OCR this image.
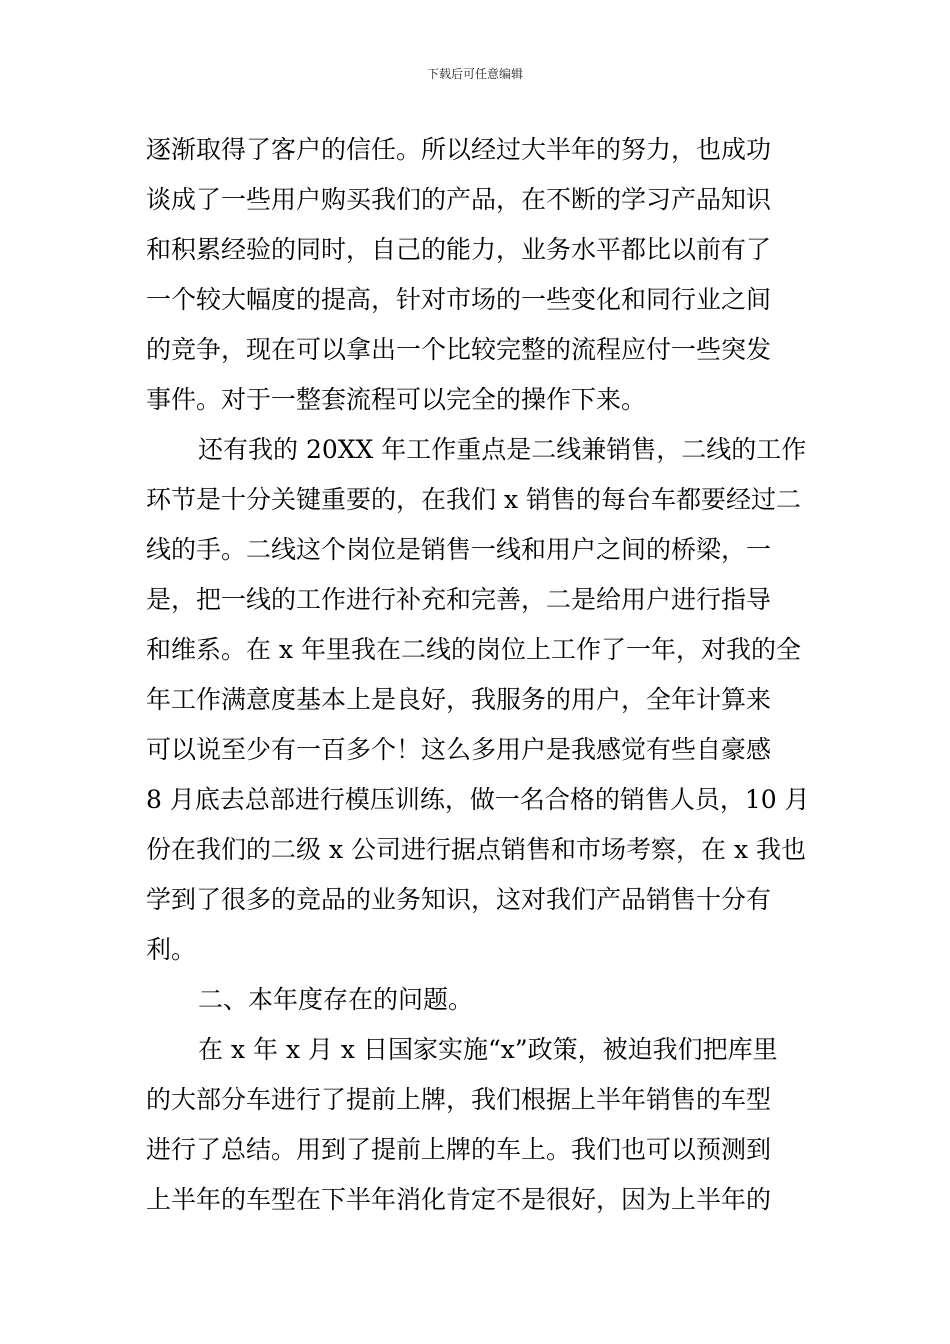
下载后可任意编辑

逐渐取得了客户的信任。所以经过大半年的努力，也成功
谈成了一些用户购买我们的产品，在不断的学习产品知识
和积累经验的同时，自己的能力，业务水平都比以前有了
一个较大幅度的提高，针对市场的一些变化和同行业之间
的竞争，现在可以拿出一个比较完整的流程应付一些突发
事件。对于一整套流程可以完全的操作下来。

还有我的 20XX 年工作重点是二线兼销售，二线的工作
环节是十分关键重要的，在我们 x 销售的每台车都要经过二
线的手。二线这个岗位是销售一线和用户之间的桥梁，一
是，把一线的工作进行补充和完善，二是给用户进行指导
和维系。在 x 年里我在二线的岗位上工作了一年，对我的全
年工作满意度基本上是良好，我服务的用户，全年计算来
可以说至少有一百多个！这么多用户是我感觉有些自豪感
8 月底去总部进行模压训练，做一名合格的销售人员，10 月
份在我们的二级 x 公司进行据点销售和市场考察，在 x 我也
学到了很多的竞品的业务知识，这对我们产品销售十分有
利。

二、本年度存在的问题。

在 x 年 x 月 x 日国家实施“x”政策，被迫我们把库里
的大部分车进行了提前上牌，我们根据上半年销售的车型
进行了总结。用到了提前上牌的车上。我们也可以预测到
上半年的车型在下半年消化肯定不是很好，因为上半年的
